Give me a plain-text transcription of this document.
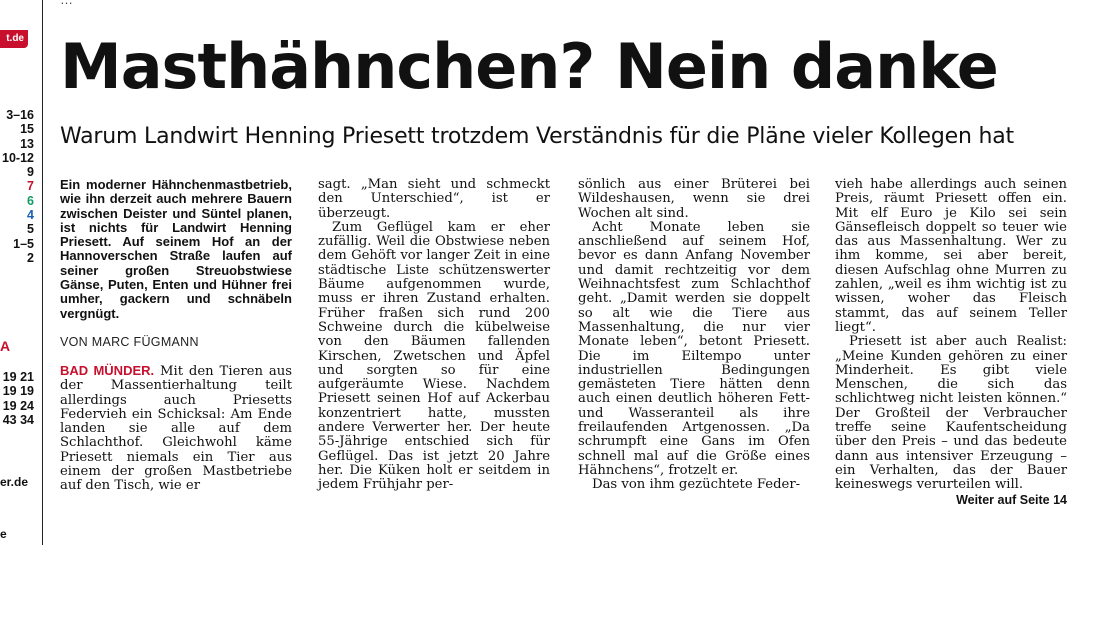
t.de
3–16
15
13
10-12
9
7
6
4
5
1–5
2
A
19 21
19 19
19 24
43 34
er.de
e
Masthähnchen? Nein danke
Warum Landwirt Henning Priesett trotzdem Verständnis für die Pläne vieler Kollegen hat

Ein moderner Hähnchenmastbetrieb, wie ihn derzeit auch mehrere Bauern zwischen Deister und Süntel planen, ist nichts für Landwirt Henning Priesett. Auf seinem Hof an der Hannoverschen Straße laufen auf seiner großen Streuobstwiese Gänse, Puten, Enten und Hühner frei umher, gackern und schnäbeln vergnügt.

VON MARC FÜGMANN

BAD MÜNDER. Mit den Tieren aus der Massentierhaltung teilt allerdings auch Priesetts Federvieh ein Schicksal: Am Ende landen sie alle auf dem Schlachthof. Gleichwohl käme Priesett niemals ein Tier aus einem der großen Mastbetriebe auf den Tisch, wie er

sagt. „Man sieht und schmeckt den Unterschied“, ist er überzeugt.

Zum Geflügel kam er eher zufällig. Weil die Obstwiese neben dem Gehöft vor langer Zeit in eine städtische Liste schützenswerter Bäume aufgenommen wurde, muss er ihren Zustand erhalten. Früher fraßen sich rund 200 Schweine durch die kübelweise von den Bäumen fallenden Kirschen, Zwetschen und Äpfel und sorgten so für eine aufgeräumte Wiese. Nachdem Priesett seinen Hof auf Ackerbau konzentriert hatte, mussten andere Verwerter her. Der heute 55-Jährige entschied sich für Geflügel. Das ist jetzt 20 Jahre her. Die Küken holt er seitdem in jedem Frühjahr per-

sönlich aus einer Brüterei bei Wildeshausen, wenn sie drei Wochen alt sind.

Acht Monate leben sie anschließend auf seinem Hof, bevor es dann Anfang November und damit rechtzeitig vor dem Weihnachtsfest zum Schlachthof geht. „Damit werden sie doppelt so alt wie die Tiere aus Massenhaltung, die nur vier Monate leben“, betont Priesett. Die im Eiltempo unter industriellen Bedingungen gemästeten Tiere hätten denn auch einen deutlich höheren Fett- und Wasseranteil als ihre freilaufenden Artgenossen. „Da schrumpft eine Gans im Ofen schnell mal auf die Größe eines Hähnchens“, frotzelt er.

Das von ihm gezüchtete Feder-

vieh habe allerdings auch seinen Preis, räumt Priesett offen ein. Mit elf Euro je Kilo sei sein Gänsefleisch doppelt so teuer wie das aus Massenhaltung. Wer zu ihm komme, sei aber bereit, diesen Aufschlag ohne Murren zu zahlen, „weil es ihm wichtig ist zu wissen, woher das Fleisch stammt, das auf seinem Teller liegt“.

Priesett ist aber auch Realist: „Meine Kunden gehören zu einer Minderheit. Es gibt viele Menschen, die sich das schlichtweg nicht leisten können.“ Der Großteil der Verbraucher treffe seine Kaufentscheidung über den Preis – und das bedeute dann aus intensiver Erzeugung – ein Verhalten, das der Bauer keineswegs verurteilen will.
Weiter auf Seite 14
